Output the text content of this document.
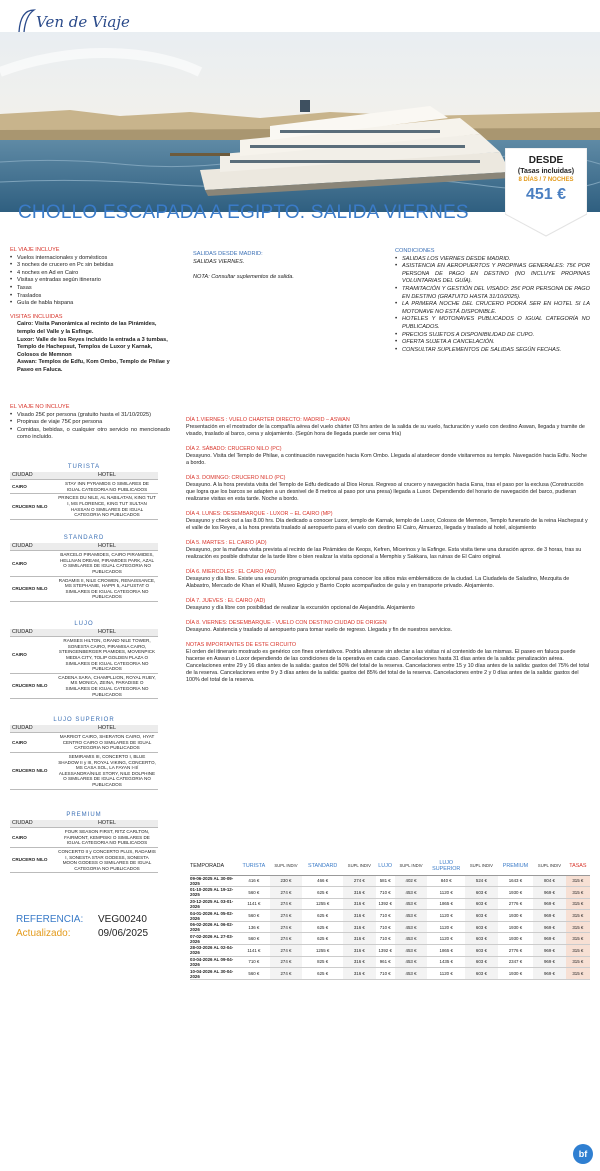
Ven de Viaje
DESDE
(Tasas incluidas)
8 DÍAS / 7 NOCHES
451 €
CHOLLO ESCAPADA A EGIPTO. SALIDA VIERNES
EL VIAJE INCLUYE
• Vuelos internacionales y domésticos
• 3 noches de crucero en Pc sin bebidas
• 4 noches en Ad en Cairo
• Visitas y entradas según itinerario
• Tasas
• Traslados
• Guía de habla hispana
VISITAS INCLUIDAS
Cairo: Visita Panorámica al recinto de las Pirámides, templo del Valle y la Esfinge.
Luxor: Valle de los Reyes incluido la entrada a 3 tumbas, Templo de Hachepsut, Templos de Luxor y Karnak, Colosos de Memnon
Aswan: Templos de Edfu, Kom Ombo, Templo de Philae y Paseo en Faluca.
EL VIAJE NO INCLUYE
• Visado 25€ por persona (gratuito hasta el 31/10/2025)
• Propinas de viaje 75€ por persona
• Comidas, bebidas, o cualquier otro servicio no mencionado como incluido.
SALIDAS DESDE MADRID:
SALIDAS VIERNES.
NOTA: Consultar suplementos de salida.
CONDICIONES
• SALIDAS LOS VIERNES DESDE MADRID.
• ASISTENCIA EN AEROPUERTOS Y PROPINAS GENERALES: 75€ POR PERSONA DE PAGO EN DESTINO (NO INCLUYE PROPINAS VOLUNTARIAS DEL GUÍA).
• TRAMITACIÓN Y GESTIÓN DEL VISADO: 25€ POR PERSONA DE PAGO EN DESTINO (GRATUITO HASTA 31/10/2025).
• LA PRIMERA NOCHE DEL CRUCERO PODRÁ SER EN HOTEL SI LA MOTONAVE NO ESTÁ DISPONIBLE.
• HOTELES Y MOTONAVES PUBLICADOS O IGUAL CATEGORÍA NO PUBLICADOS.
• PRECIOS SUJETOS A DISPONIBILIDAD DE CUPO.
• OFERTA SUJETA A CANCELACIÓN.
• CONSULTAR SUPLEMENTOS DE SALIDAS SEGÚN FECHAS.
TURISTA
CIUDAD	HOTEL
CAIRO	STAY INN PYRAMIDS O SIMILARES DE IGUAL CATEGORIA NO PUBLICADOS
CRUCERO NILO	PRINCES DU NILE, AL NABILATAN, KING TUT I, MS FLORENCE, KING TUT SULTAN HASSAN O SIMILARES DE IGUAL CATEGORIA NO PUBLICADOS
STANDARD
CIUDAD	HOTEL
CAIRO	BARCELO PIRAMIDES, CAIRO PIRAMIDES, HELLNAN DREAM, PIRAMIDES PARK, AZAL O SIMILARES DE IGUAL CATEGORIA NO PUBLICADOS
CRUCERO NILO	RADAMIS II, NILE CROWEN, RENAISSANCE, MS STEPHANIE, HAPPI 5, ALFUSTAT O SIMILARES DE IGUAL CATEGORIA NO PUBLICADOS
LUJO
CIUDAD	HOTEL
CAIRO	RAMSES HILTON, GRAND NILE TOWER, SONESTA CAIRO, PIRAMISA CAIRO, STEINGENBERGER PIAMIDES, MOVENPICK MEDIA CITY, TOLIP GOLDEN PLAZA O SIMILARES DE IGUAL CATEGORIA NO PUBLICADOS
CRUCERO NILO	CADENA SARA, CHAMPLLION, ROYAL RUBY, MS MONICA, ZEINA, PARADISE O SIMILARES DE IGUAL CATEGORIA NO PUBLICADOS
LUJO SUPERIOR
CIUDAD	HOTEL
CAIRO	MARRIOT CAIRO, SHERATON CAIRO, HYAT CENTRO CAIRO O SIMILARES DE IGUAL CATEGORIA NO PUBLICADOS
CRUCERO NILO	SEMIRAMIS III, CONCERTO I, BLUE SHADOW II y III, ROYAL VIKING, CONCERTO, MS CASA SOL, LA FAYAN I-II/ ALESSANDRA/NILE STORY, NILE DOLPHINE O SIMILARES DE IGUAL CATEGORIA NO PUBLICADOS
PREMIUM
CIUDAD	HOTEL
CAIRO	FOUR SEASON FIRST, RITZ CARLTON, FAIRMONT, KEMPISKI O SIMILARES DE IGUAL CATEGORIA NO PUBLICADOS
CRUCERO NILO	CONCERTO II y CONCERTO PLUS, RADAMIS I, SONESTA STAR GODESS, SONESTA MOON GODESS O SIMILARES DE IGUAL CATEGORIA NO PUBLICADOS
DÍA 1.VIERNES : VUELO CHARTER DIRECTO: MADRID – ASWAN
Presentación en el mostrador de la compañía aérea del vuelo chárter 03 hrs antes de la salida de su vuelo, facturación y vuelo con destino Aswan, llegada y tramite de visado, traslado al barco, cena y alojamiento. (Según hora de llegada puede ser cena fría)
DÍA 2. SÁBADO: CRUCERO NILO (PC)
Desayuno. Visita del Templo de Philae, a continuación navegación hacia Kom Ombo. Llegada al atardecer donde visitaremos su templo. Navegación hacia Edfu. Noche a bordo.
DÍA 3. DOMINGO: CRUCERO NILO (PC)
Desayuno. A la hora prevista visita del Templo de Edfu dedicado al Dios Horus. Regreso al crucero y navegación hacia Esna, tras el paso por la exclusa (Construcción que logra que los barcos se adapten a un desnivel de 8 metros al paso por una presa) llegada a Luxor. Dependiendo del horario de navegación del barco, pudieran realizarse visitas en esta tarde. Noche a bordo.
DÍA 4. LUNES: DESEMBARQUE - LUXOR – EL CAIRO (MP)
Desayuno y check out a las 8.00 hrs. Día dedicado a conocer Luxor, templo de Karnak, templo de Luxor, Colosos de Memnon, Templo funerario de la reina Hachepsut y el valle de los Reyes, a la hora prevista traslado al aeropuerto para el vuelo con destino El Cairo, Almuerzo, llegada y traslado al hotel, alojamiento
DÍA 5. MARTES : EL CAIRO (AD)
Desayuno, por la mañana visita prevista al recinto de las Pirámides de Keops, Kefren, Micerinos y la Esfinge. Esta visita tiene una duración aprox. de 3 horas, tras su realización es posible disfrutar de la tarde libre o bien realizar la visita opcional a Memphis y Sakkara, las ruinas de El Cairo original.
DÍA 6. MIERCOLES : EL CAIRO (AD)
Desayuno y día libre. Existe una excursión programada opcional para conocer los sitios más emblemáticos de la ciudad. La Ciudadela de Saladino, Mezquita de Alabastro, Mercado de Khan el Khalili, Museo Egipcio y Barrio Copto acompañados de guía y en transporte privado. Alojamiento.
DÍA 7. JUEVES : EL CAIRO (AD)
Desayuno y día libre con posibilidad de realizar la excursión opcional de Alejandría. Alojamiento
DÍA 8. VIERNES: DESEMBARQUE - VUELO CON DESTINO CIUDAD DE ORIGEN
Desayuno. Asistencia y traslado al aeropuerto para tomar vuelo de regreso. Llegada y fin de nuestros servicios.
NOTAS IMPORTANTES DE ESTE CIRCUITO
El orden del itinerario mostrado es genérico con fines orientativos. Podría alterarse sin afectar a las visitas ni al contenido de las mismas. El paseo en faluca puede hacerse en Aswan o Luxor dependiendo de las condiciones de la operativa en cada caso. Cancelaciones hasta 31 días antes de la salida: penalización aérea. Cancelaciones entre 29 y 16 días antes de la salida: gastos del 50% del total de la reserva. Cancelaciones entre 15 y 10 días antes de la salida: gastos del 75% del total de la reserva. Cancelaciones entre 9 y 3 días antes de la salida: gastos del 85% del total de la reserva. Cancelaciones entre 2 y 0 días antes de la salida: gastos del 100% del total de la reserva.
REFERENCIA: VEG00240
Actualizado:	09/06/2025
TEMPORADA	TURISTA	SUPL INDIV	STANDARD	SUPL INDIV	LUJO	SUPL INDIV	LUJO SUPERIOR	SUPL INDIV	PREMIUM	SUPL INDIV	TASAS
09-06-2025 AL 30-09-2025	416 €	230 €	466 €	274 €	581 €	402 €	840 €	524 €	1643 €	804 €	315 €
01-10-2025 AL 19-12-2025	560 €	274 €	625 €	316 €	710 €	453 €	1120 €	603 €	1930 €	969 €	315 €
20-12-2025 AL 03-01-2026	1141 €	274 €	1255 €	316 €	1392 €	453 €	1865 €	603 €	2776 €	969 €	315 €
04-01-2026 AL 05-02-2026	560 €	274 €	625 €	316 €	710 €	453 €	1120 €	603 €	1930 €	969 €	315 €
06-02-2026 AL 06-02-2026	136 €	274 €	625 €	316 €	710 €	453 €	1120 €	603 €	1930 €	969 €	315 €
07-02-2026 AL 27-03-2026	560 €	274 €	625 €	316 €	710 €	453 €	1120 €	603 €	1930 €	969 €	315 €
28-03-2026 AL 02-04-2026	1141 €	274 €	1255 €	316 €	1392 €	453 €	1865 €	603 €	2776 €	969 €	315 €
03-04-2026 AL 09-04-2026	710 €	274 €	825 €	316 €	961 €	453 €	1435 €	603 €	2347 €	969 €	315 €
10-04-2026 AL 30-04-2026	560 €	274 €	625 €	316 €	710 €	453 €	1120 €	603 €	1930 €	969 €	315 €
bf
